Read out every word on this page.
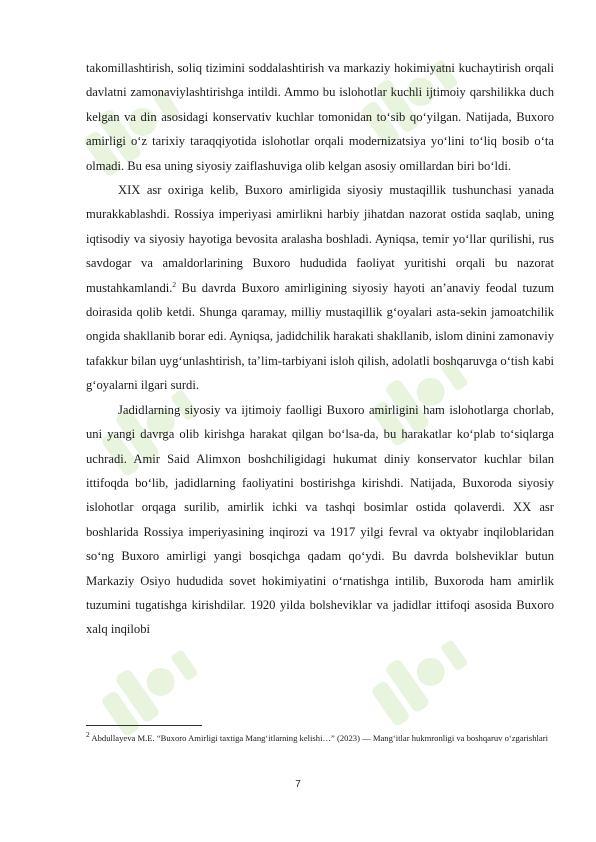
takomillashtirish, soliq tizimini soddalashtirish va markaziy hokimiyatni kuchaytirish orqali davlatni zamonaviylashtirishga intildi. Ammo bu islohotlar kuchli ijtimoiy qarshilikka duch kelgan va din asosidagi konservativ kuchlar tomonidan to‘sib qo‘yilgan. Natijada, Buxoro amirligi o‘z tarixiy taraqqiyotida islohotlar orqali modernizatsiya yo‘lini to‘liq bosib o‘ta olmadi. Bu esa uning siyosiy zaiflashuviga olib kelgan asosiy omillardan biri bo‘ldi.

XIX asr oxiriga kelib, Buxoro amirligida siyosiy mustaqillik tushunchasi yanada murakkablashdi. Rossiya imperiyasi amirlikni harbiy jihatdan nazorat ostida saqlab, uning iqtisodiy va siyosiy hayotiga bevosita aralasha boshladi. Ayniqsa, temir yo‘llar qurilishi, rus savdogar va amaldorlarining Buxoro hududida faoliyat yuritishi orqali bu nazorat mustahkamlandi.$^2$ Bu davrda Buxoro amirligining siyosiy hayoti an’anaviy feodal tuzum doirasida qolib ketdi. Shunga qaramay, milliy mustaqillik g‘oyalari asta-sekin jamoatchilik ongida shakllanib borar edi. Ayniqsa, jadidchilik harakati shakllanib, islom dinini zamonaviy tafakkur bilan uyg‘unlashtirish, ta’lim-tarbiyani isloh qilish, adolatli boshqaruvga o‘tish kabi g‘oyalarni ilgari surdi.

Jadidlarning siyosiy va ijtimoiy faolligi Buxoro amirligini ham islohotlarga chorlab, uni yangi davrga olib kirishga harakat qilgan bo‘lsa-da, bu harakatlar ko‘plab to‘siqlarga uchradi. Amir Said Alimxon boshchiligidagi hukumat diniy konservator kuchlar bilan ittifoqda bo‘lib, jadidlarning faoliyatini bostirishga kirishdi. Natijada, Buxoroda siyosiy islohotlar orqaga surilib, amirlik ichki va tashqi bosimlar ostida qolaverdi. XX asr boshlarida Rossiya imperiyasining inqirozi va 1917 yilgi fevral va oktyabr inqiloblaridan so‘ng Buxoro amirligi yangi bosqichga qadam qo‘ydi. Bu davrda bolsheviklar butun Markaziy Osiyo hududida sovet hokimiyatini o‘rnatishga intilib, Buxoroda ham amirlik tuzumini tugatishga kirishdilar. 1920 yilda bolsheviklar va jadidlar ittifoqi asosida Buxoro xalq inqilobi

$^2$ Abdullayeva M.E. “Buxoro Amirligi taxtiga Mang‘itlarning kelishi…” (2023) — Mang‘itlar hukmronligi va boshqaruv o‘zgarishlari
7
